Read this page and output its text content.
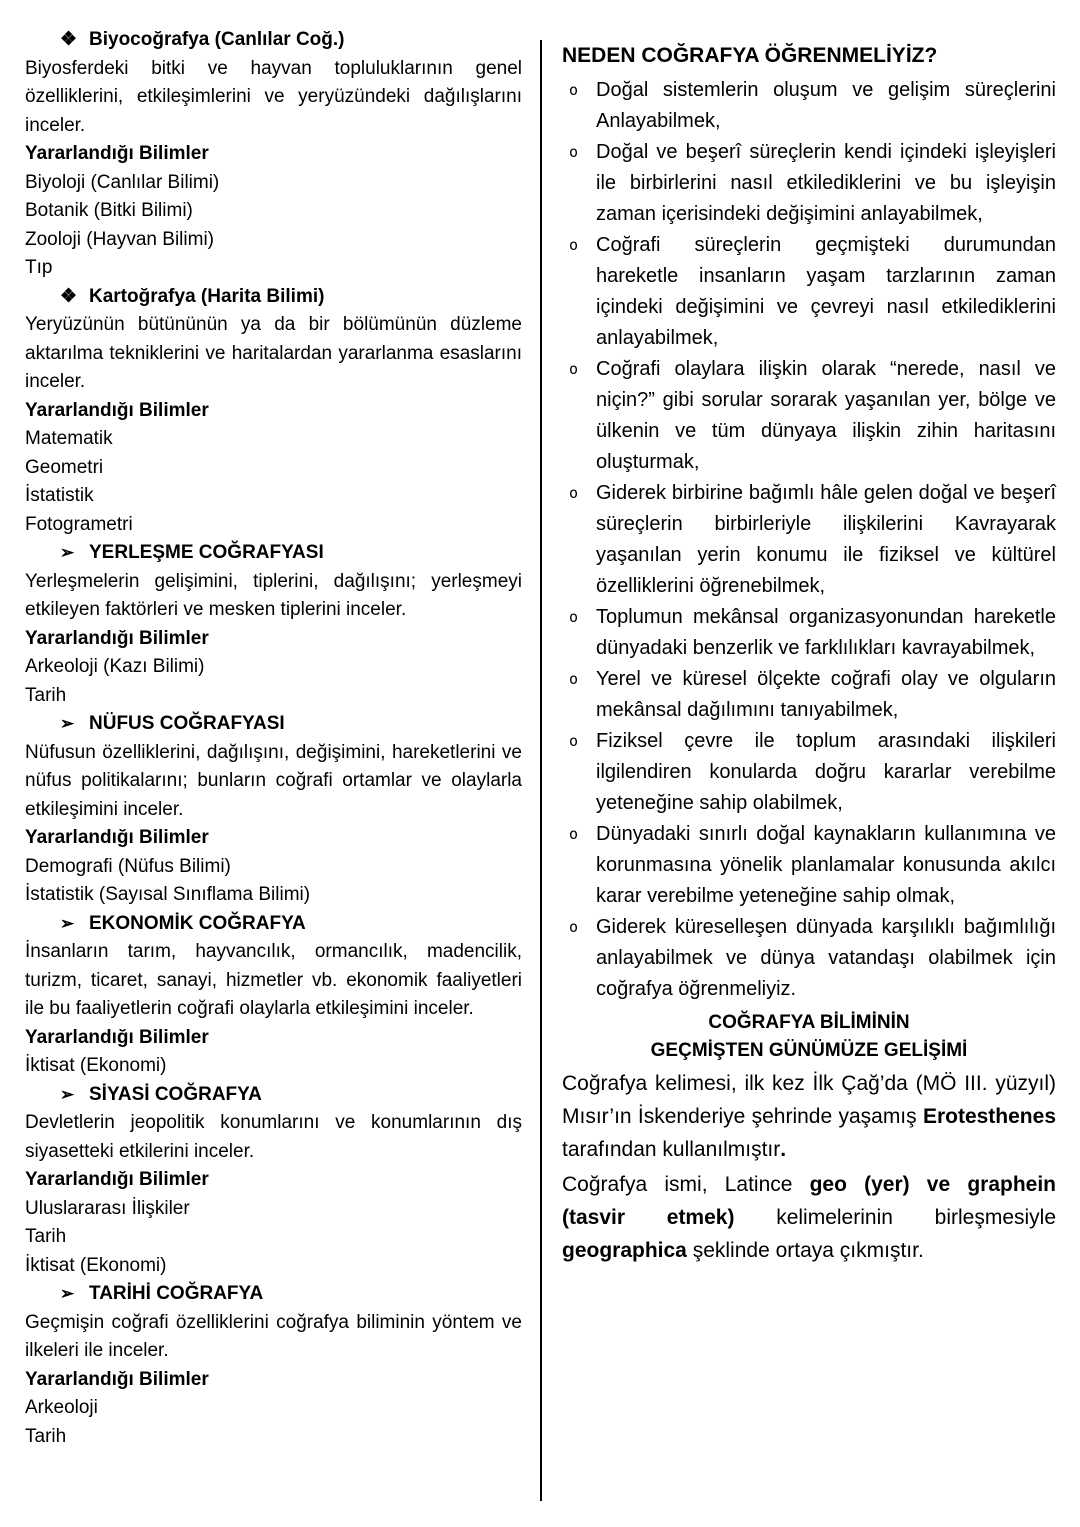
❖ Biyocoğrafya (Canlılar Coğ.)

Biyosferdeki bitki ve hayvan topluluklarının genel özelliklerini, etkileşimlerini ve yeryüzündeki dağılışlarını inceler.

Yararlandığı Bilimler
Biyoloji (Canlılar Bilimi)
Botanik (Bitki Bilimi)
Zooloji (Hayvan Bilimi)
Tıp
❖ Kartoğrafya (Harita Bilimi)

Yeryüzünün bütününün ya da bir bölümünün düzleme aktarılma tekniklerini ve haritalardan yararlanma esaslarını inceler.

Yararlandığı Bilimler
Matematik
Geometri
İstatistik
Fotogrametri
➢ YERLEŞME COĞRAFYASI

Yerleşmelerin gelişimini, tiplerini, dağılışını; yerleşmeyi etkileyen faktörleri ve mesken tiplerini inceler.

Yararlandığı Bilimler
Arkeoloji (Kazı Bilimi)
Tarih
➢ NÜFUS COĞRAFYASI

Nüfusun özelliklerini, dağılışını, değişimini, hareketlerini ve nüfus politikalarını; bunların coğrafi ortamlar ve olaylarla etkileşimini inceler.

Yararlandığı Bilimler
Demografi (Nüfus Bilimi)
İstatistik (Sayısal Sınıflama Bilimi)
➢ EKONOMİK COĞRAFYA

İnsanların tarım, hayvancılık, ormancılık, madencilik, turizm, ticaret, sanayi, hizmetler vb. ekonomik faaliyetleri ile bu faaliyetlerin coğrafi olaylarla etkileşimini inceler.

Yararlandığı Bilimler
İktisat (Ekonomi)
➢ SİYASİ COĞRAFYA

Devletlerin jeopolitik konumlarını ve konumlarının dış siyasetteki etkilerini inceler.

Yararlandığı Bilimler
Uluslararası İlişkiler
Tarih
İktisat (Ekonomi)
➢ TARİHİ COĞRAFYA

Geçmişin coğrafi özelliklerini coğrafya biliminin yöntem ve ilkeleri ile inceler.

Yararlandığı Bilimler
Arkeoloji
Tarih
NEDEN COĞRAFYA ÖĞRENMELİYİZ?
o Doğal sistemlerin oluşum ve gelişim süreçlerini Anlayabilmek,

o Doğal ve beşerî süreçlerin kendi içindeki işleyişleri ile birbirlerini nasıl etkilediklerini ve bu işleyişin zaman içerisindeki değişimini anlayabilmek,

o Coğrafi süreçlerin geçmişteki durumundan hareketle insanların yaşam tarzlarının zaman içindeki değişimini ve çevreyi nasıl etkilediklerini anlayabilmek,

o Coğrafi olaylara ilişkin olarak “nerede, nasıl ve niçin?” gibi sorular sorarak yaşanılan yer, bölge ve ülkenin ve tüm dünyaya ilişkin zihin haritasını oluşturmak,

o Giderek birbirine bağımlı hâle gelen doğal ve beşerî süreçlerin birbirleriyle ilişkilerini Kavrayarak yaşanılan yerin konumu ile fiziksel ve kültürel özelliklerini öğrenebilmek,

o Toplumun mekânsal organizasyonundan hareketle dünyadaki benzerlik ve farklılıkları kavrayabilmek,

o Yerel ve küresel ölçekte coğrafi olay ve olguların mekânsal dağılımını tanıyabilmek,

o Fiziksel çevre ile toplum arasındaki ilişkileri ilgilendiren konularda doğru kararlar verebilme yeteneğine sahip olabilmek,

o Dünyadaki sınırlı doğal kaynakların kullanımına ve korunmasına yönelik planlamalar konusunda akılcı karar verebilme yeteneğine sahip olmak,

o Giderek küreselleşen dünyada karşılıklı bağımlılığı anlayabilmek ve dünya vatandaşı olabilmek için coğrafya öğrenmeliyiz.

COĞRAFYA BİLİMİNİN
GEÇMİŞTEN GÜNÜMÜZE GELİŞİMİ

Coğrafya kelimesi, ilk kez İlk Çağ’da (MÖ III. yüzyıl) Mısır’ın İskenderiye şehrinde yaşamış Erotesthenes tarafından kullanılmıştır.

Coğrafya ismi, Latince geo (yer) ve graphein (tasvir etmek) kelimelerinin birleşmesiyle geographica şeklinde ortaya çıkmıştır.
